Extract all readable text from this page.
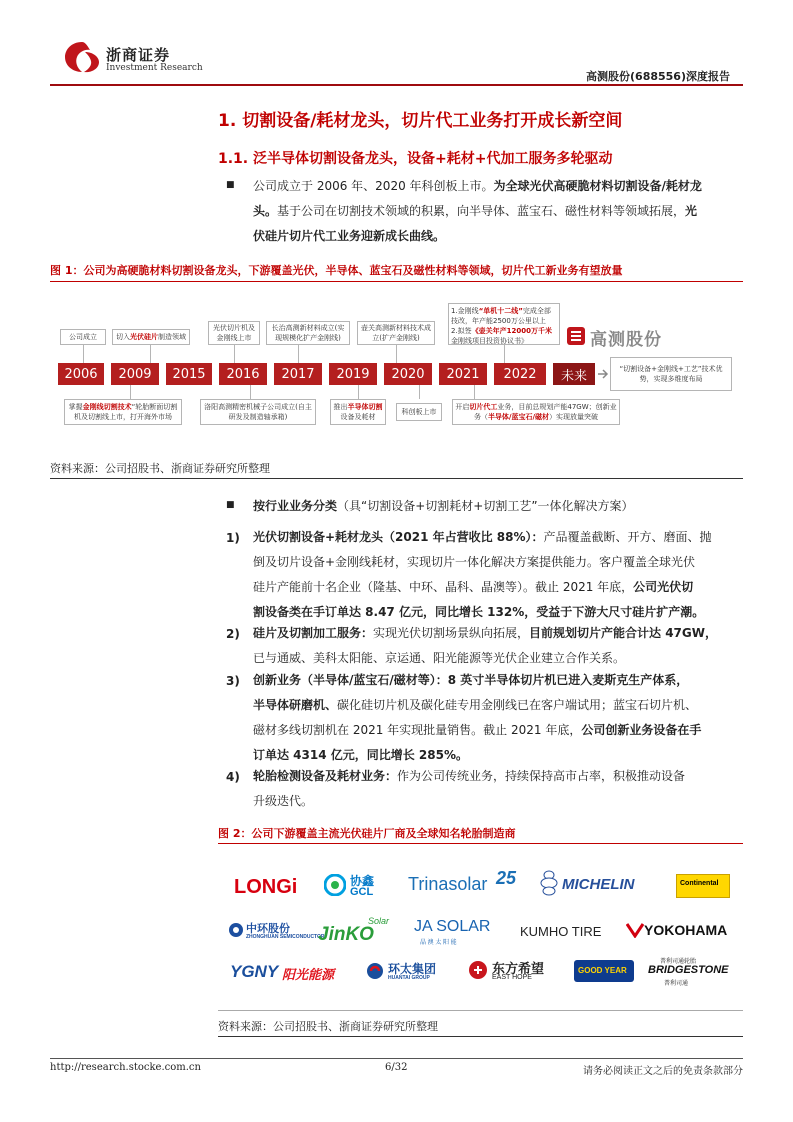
浙商证券
Investment Research
高测股份(688556)深度报告
1. 切割设备/耗材龙头，切片代工业务打开成长新空间
1.1. 泛半导体切割设备龙头，设备+耗材+代加工服务多轮驱动
■ 公司成立于 2006 年、2020 年科创板上市。为全球光伏高硬脆材料切割设备/耗材龙
头。基于公司在切割技术领域的积累，向半导体、蓝宝石、磁性材料等领域拓展，光
伏硅片切片代工业务迎新成长曲线。
图 1：公司为高硬脆材料切割设备龙头，下游覆盖光伏，半导体、蓝宝石及磁性材料等领域，切片代工新业务有望放量
公司成立	切入光伏硅片制造领域
光伏切片机及金刚线上市
长治高测新材料成立(实现规模化扩产金刚线)
壶关高测新材料技术成立(扩产金刚线)
1.金刚线“单机十二线”完成全部技改，年产能2500万公里以上
2.拟签《壶关年产12000万千米金刚线项目投资协议书》	高测股份
掌握金刚线切割技术“轮胎断面切割机及切割线上市，打开海外市场
洛阳高测精密机械子公司成立(自主研发及制造轴承箱)
推出半导体切割设备及耗材
科创板上市
开启切片代工业务，目前总规划产能47GW；创新业务（半导体/蓝宝石/磁材）实现放量突破
“切割设备+金刚线+工艺”技术优势，实现多维度布局
2006	2009	2015	2016	2017	2019	2020	2021	2022	未来
资料来源：公司招股书、浙商证券研究所整理
■ 按行业业务分类（具“切割设备+切割耗材+切割工艺”一体化解决方案）
1) 光伏切割设备+耗材龙头（2021 年占营收比 88%）：产品覆盖截断、开方、磨面、抛
倒及切片设备+金刚线耗材，实现切片一体化解决方案提供能力。客户覆盖全球光伏
硅片产能前十名企业（隆基、中环、晶科、晶澳等）。截止 2021 年底，公司光伏切
割设备类在手订单达 8.47 亿元，同比增长 132%，受益于下游大尺寸硅片扩产潮。
2) 硅片及切割加工服务：实现光伏切割场景纵向拓展，目前规划切片产能合计达 47GW，
已与通威、美科太阳能、京运通、阳光能源等光伏企业建立合作关系。
3) 创新业务（半导体/蓝宝石/磁材等）：8 英寸半导体切片机已进入麦斯克生产体系，
半导体研磨机、碳化硅切片机及碳化硅专用金刚线已在客户端试用；蓝宝石切片机、
磁材多线切割机在 2021 年实现批量销售。截止 2021 年底，公司创新业务设备在手
订单达 4314 亿元，同比增长 285%。
4) 轮胎检测设备及耗材业务：作为公司传统业务，持续保持高市占率，积极推动设备
升级迭代。
图 2：公司下游覆盖主流光伏硅片厂商及全球知名轮胎制造商
LONGi	协鑫
GCL Trinasolar 25	MICHELIN	Continental
中环股份
ZHONGHUAN SEMICONDUCTOR
JinKO
Solar JA SOLAR
晶 澳 太 阳 能
KUMHO TIRE	YOKOHAMA
YGNY 阳光能源	环太集团
HUANTAI GROUP
东方希望
EAST HOPE
GOOD YEAR
普利司通轮胎
BRIDGESTONE
普利司通
资料来源：公司招股书、浙商证券研究所整理
http://research.stocke.com.cn	6/32	请务必阅读正文之后的免责条款部分
